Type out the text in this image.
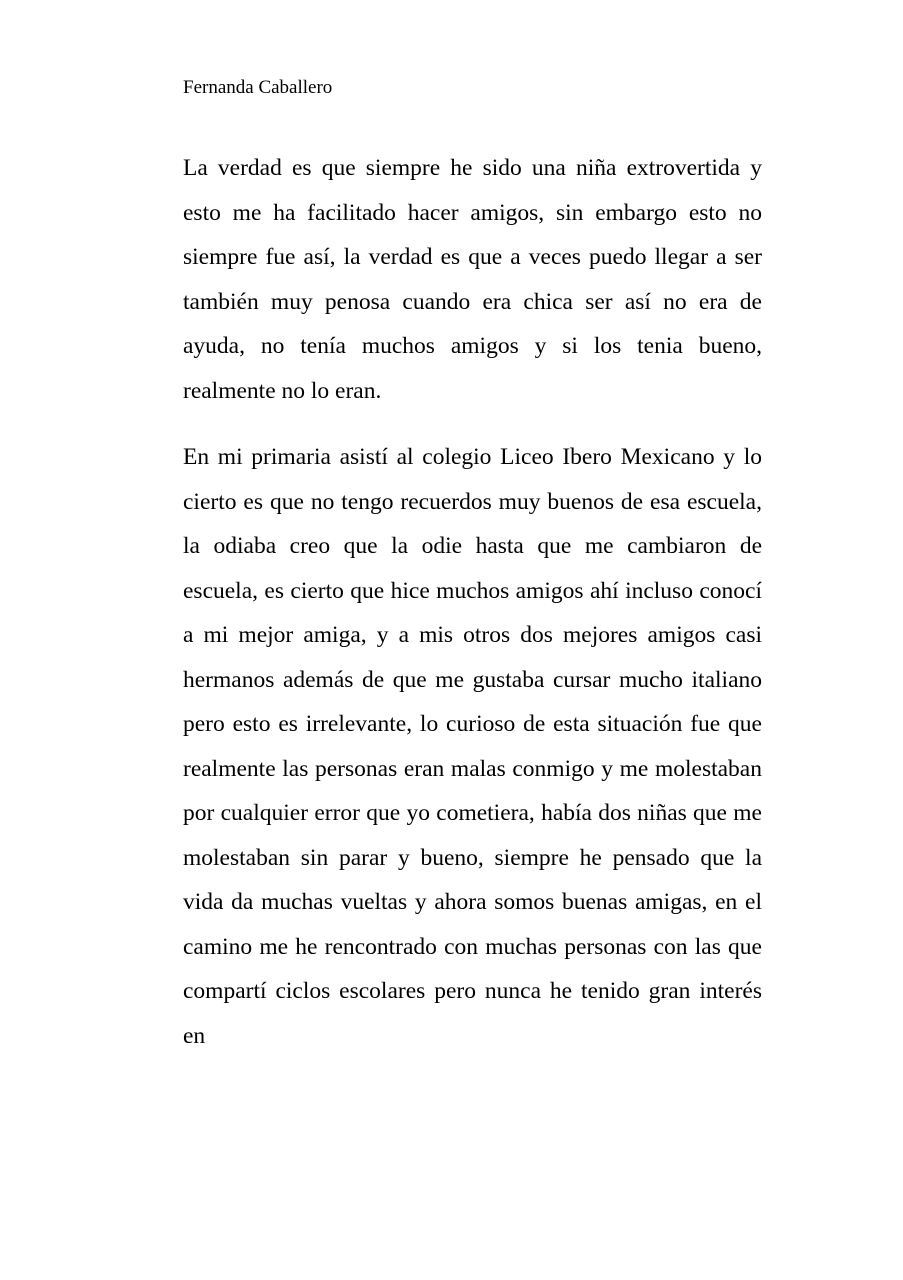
Fernanda Caballero

La verdad es que siempre he sido una niña extrovertida y esto me ha facilitado hacer amigos, sin embargo esto no siempre fue así, la verdad es que a veces puedo llegar a ser también muy penosa cuando era chica ser así no era de ayuda, no tenía muchos amigos y si los tenia bueno, realmente no lo eran.

En mi primaria asistí al colegio Liceo Ibero Mexicano y lo cierto es que no tengo recuerdos muy buenos de esa escuela, la odiaba creo que la odie hasta que me cambiaron de escuela, es cierto que hice muchos amigos ahí incluso conocí a mi mejor amiga, y a mis otros dos mejores amigos casi hermanos además de que me gustaba cursar mucho italiano pero esto es irrelevante, lo curioso de esta situación fue que realmente las personas eran malas conmigo y me molestaban por cualquier error que yo cometiera, había dos niñas que me molestaban sin parar y bueno, siempre he pensado que la vida da muchas vueltas y ahora somos buenas amigas, en el camino me he rencontrado con muchas personas con las que compartí ciclos escolares pero nunca he tenido gran interés en
